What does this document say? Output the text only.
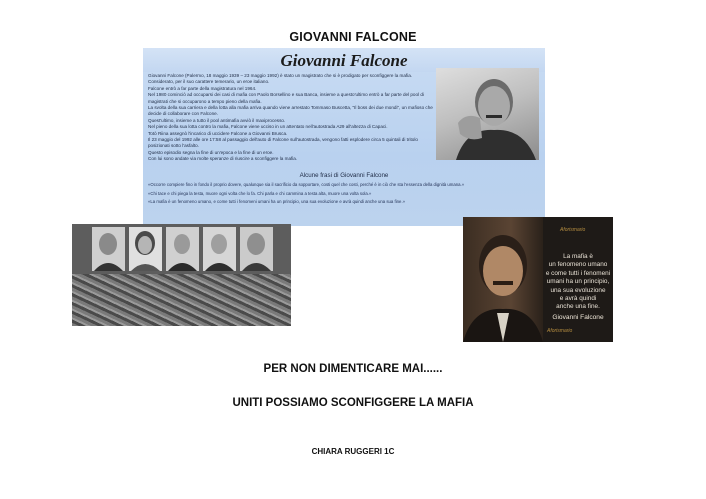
GIOVANNI FALCONE
Giovanni Falcone

Giovanni Falcone (Palermo, 18 maggio 1939 – 23 maggio 1992) è stato un magistrato che si è prodigato per sconfiggere la mafia. Considerato, per il suo carattere temerario, un eroe italiano.

Falcone entrò a far parte della magistratura nel 1964.

Nel 1980 cominciò ad occuparsi dei casi di mafia con Paolo Borsellino e sua Banca, insieme a questo'ultimo entrò a far parte del pool di magistrati che si occuparono a tempo pieno della mafia.

La svolta della sua carriera e della lotta alla mafia arriva quando viene arrestato Tommaso Buscetta, "Il boss dei due mondi", un mafioso che decide di collaborare con Falcone.

Quest'ultimo, insieme a tutto il pool antimafia avviò il maxiprocesso.

Nel pieno della sua lotta contro la mafia, Falcone viene ucciso in un attentato nell'autostrada A29 all'altezza di Capaci.

Totò Riina assegnò l'incarico di uccidere Falcone a Giovanni Brusca.

Il 23 maggio del 1992 alle ore 17:58 al passaggio dell'auto di Falcone sull'autostrada, vengono fatti esplodere circa 5 quintali di tritolo posizionati sotto l'asfalto.

Questo episodio segna la fine di un'epoca e la fine di un eroe.

Con lui sono andate via molte speranze di riuscire a sconfiggere la mafia.

Alcune frasi di Giovanni Falcone

«Occorre compiere fino in fondo il proprio dovere, qualunque sia il sacrificio da sopportare, costi quel che costi, perché è in ciò che sta l'essenza della dignità umana.»

«Chi tace e chi piega la testa, muore ogni volta che lo fa. Chi parla e chi cammina a testa alta, muore una volta sola.»

«La mafia è un fenomeno umano, e come tutti i fenomeni umani ha un principio, una sua evoluzione e avrà quindi anche una sua fine.»

Aforismario
La mafia è
un fenomeno umano
e come tutti i fenomeni
umani ha un principio,
una sua evoluzione
e avrà quindi
anche una fine.
Giovanni Falcone
Aforismario
PER NON DIMENTICARE MAI......
UNITI POSSIAMO SCONFIGGERE LA MAFIA
CHIARA RUGGERI 1C
